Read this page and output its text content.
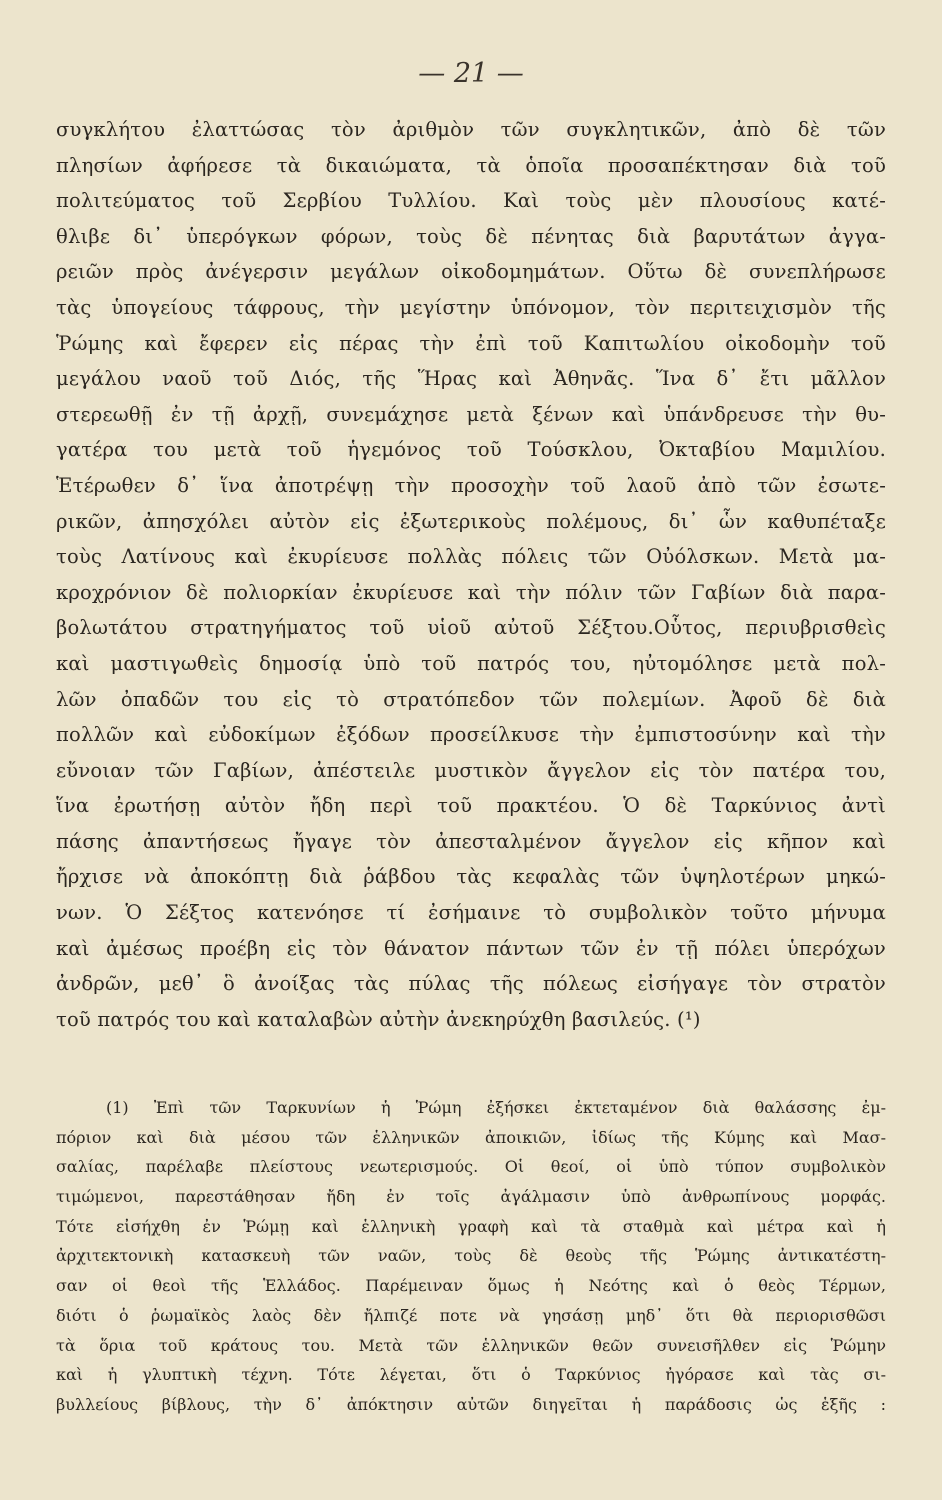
— 21 —
συγκλήτου ἐλαττώσας τὸν ἀριθμὸν τῶν συγκλητικῶν, ἀπὸ δὲ τῶν
πλησίων ἀφήρεσε τὰ δικαιώματα, τὰ ὁποῖα προσαπέκτησαν διὰ τοῦ
πολιτεύματος τοῦ Σερβίου Τυλλίου. Καὶ τοὺς μὲν πλουσίους κατέ-
θλιβε δι᾽ ὑπερόγκων φόρων, τοὺς δὲ πένητας διὰ βαρυτάτων ἀγγα-
ρειῶν πρὸς ἀνέγερσιν μεγάλων οἰκοδομημάτων. Οὕτω δὲ συνεπλήρωσε
τὰς ὑπογείους τάφρους, τὴν μεγίστην ὑπόνομον, τὸν περιτειχισμὸν τῆς
Ῥώμης καὶ ἔφερεν εἰς πέρας τὴν ἐπὶ τοῦ Καπιτωλίου οἰκοδομὴν τοῦ
μεγάλου ναοῦ τοῦ Διός, τῆς Ἥρας καὶ Ἀθηνᾶς. Ἵνα δ᾽ ἔτι μᾶλλον
στερεωθῇ ἐν τῇ ἀρχῇ, συνεμάχησε μετὰ ξένων καὶ ὑπάνδρευσε τὴν θυ-
γατέρα του μετὰ τοῦ ἡγεμόνος τοῦ Τούσκλου, Ὀκταβίου Μαμιλίου.
Ἑτέρωθεν δ᾽ ἵνα ἀποτρέψῃ τὴν προσοχὴν τοῦ λαοῦ ἀπὸ τῶν ἐσωτε-
ρικῶν, ἀπησχόλει αὐτὸν εἰς ἐξωτερικοὺς πολέμους, δι᾽ ὧν καθυπέταξε
τοὺς Λατίνους καὶ ἐκυρίευσε πολλὰς πόλεις τῶν Οὐόλσκων. Μετὰ μα-
κροχρόνιον δὲ πολιορκίαν ἐκυρίευσε καὶ τὴν πόλιν τῶν Γαβίων διὰ παρα-
βολωτάτου στρατηγήματος τοῦ υἱοῦ αὐτοῦ Σέξτου.Οὗτος, περιυβρισθεὶς
καὶ μαστιγωθεὶς δημοσίᾳ ὑπὸ τοῦ πατρός του, ηὐτομόλησε μετὰ πολ-
λῶν ὀπαδῶν του εἰς τὸ στρατόπεδον τῶν πολεμίων. Ἀφοῦ δὲ διὰ
πολλῶν καὶ εὐδοκίμων ἐξόδων προσείλκυσε τὴν ἐμπιστοσύνην καὶ τὴν
εὔνοιαν τῶν Γαβίων, ἀπέστειλε μυστικὸν ἄγγελον εἰς τὸν πατέρα του,
ἵνα ἐρωτήσῃ αὐτὸν ἤδη περὶ τοῦ πρακτέου. Ὁ δὲ Ταρκύνιος ἀντὶ
πάσης ἀπαντήσεως ἤγαγε τὸν ἀπεσταλμένον ἄγγελον εἰς κῆπον καὶ
ἤρχισε νὰ ἀποκόπτῃ διὰ ῥάβδου τὰς κεφαλὰς τῶν ὑψηλοτέρων μηκώ-
νων. Ὁ Σέξτος κατενόησε τί ἐσήμαινε τὸ συμβολικὸν τοῦτο μήνυμα
καὶ ἀμέσως προέβη εἰς τὸν θάνατον πάντων τῶν ἐν τῇ πόλει ὑπερόχων
ἀνδρῶν, μεθ᾽ ὃ ἀνοίξας τὰς πύλας τῆς πόλεως εἰσήγαγε τὸν στρατὸν
τοῦ πατρός του καὶ καταλαβὼν αὐτὴν ἀνεκηρύχθη βασιλεύς. (¹)
(1) Ἐπὶ τῶν Ταρκυνίων ἡ Ῥώμη ἐξήσκει ἐκτεταμένον διὰ θαλάσσης ἐμ-
πόριον καὶ διὰ μέσου τῶν ἑλληνικῶν ἀποικιῶν, ἰδίως τῆς Κύμης καὶ Μασ-
σαλίας, παρέλαβε πλείστους νεωτερισμούς. Οἱ θεοί, οἱ ὑπὸ τύπον συμβολικὸν
τιμώμενοι, παρεστάθησαν ἤδη ἐν τοῖς ἀγάλμασιν ὑπὸ ἀνθρωπίνους μορφάς.
Τότε εἰσήχθη ἐν Ῥώμῃ καὶ ἑλληνικὴ γραφὴ καὶ τὰ σταθμὰ καὶ μέτρα καὶ ἡ
ἀρχιτεκτονικὴ κατασκευὴ τῶν ναῶν, τοὺς δὲ θεοὺς τῆς Ῥώμης ἀντικατέστη-
σαν οἱ θεοὶ τῆς Ἑλλάδος. Παρέμειναν ὅμως ἡ Νεότης καὶ ὁ θεὸς Τέρμων,
διότι ὁ ῥωμαϊκὸς λαὸς δὲν ἤλπιζέ ποτε νὰ γησάσῃ μηδ᾽ ὅτι θὰ περιορισθῶσι
τὰ ὅρια τοῦ κράτους του. Μετὰ τῶν ἑλληνικῶν θεῶν συνεισῆλθεν εἰς Ῥώμην
καὶ ἡ γλυπτικὴ τέχνη. Τότε λέγεται, ὅτι ὁ Ταρκύνιος ἠγόρασε καὶ τὰς σι-
βυλλείους βίβλους, τὴν δ᾽ ἀπόκτησιν αὐτῶν διηγεῖται ἡ παράδοσις ὡς ἑξῆς :
